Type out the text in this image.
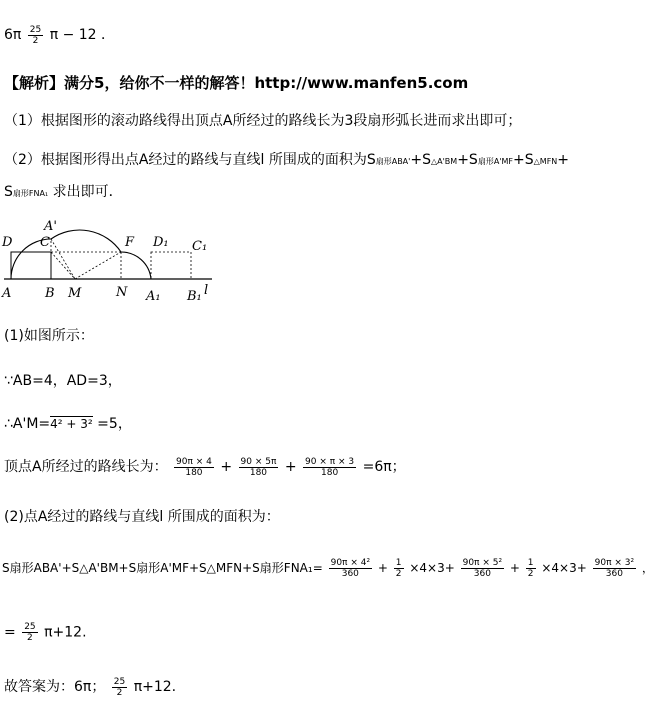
$6\pi \frac{25}{2}$ π − 12 ．
【解析】满分5，给你不一样的解答！http://www.manfen5.com
（1）根据图形的滚动路线得出顶点A所经过的路线长为3段扇形弧长进而求出即可；
（2）根据图形得出点A经过的路线与直线l 所围成的面积为S扇形ABA'+S△A'BM+S扇形A'MF+S△MFN+
S扇形FNA₁ 求出即可．
D
A'
C	F D₁ C₁
A	B M	N A₁ B₁ l
(1)如图所示：
∵AB=4，AD=3，
∴A'M=4² + 3² =5，
顶点A所经过的路线长为： $\frac{90\pi \times 4}{180} + \frac{90 \times 5\pi}{180} + \frac{90 \times \pi \times 3}{180} =6\pi$；
(2)点A经过的路线与直线l 所围成的面积为：
S扇形ABA'+S△A'BM+S扇形A'MF+S△MFN+S扇形$FNA_1= \frac{\text{90π × 4²}}{360} + \frac{1}{2} \times 4\times 3+ \frac{\text{90π × 5²}}{360} + \frac{1}{2} \times 4\times 3+ \frac{\text{90π × 3²}}{360}$ ，
= $\frac{25}{2} \pi+12$.
故答案为：6π； $\frac{25}{2} \pi+12$.
